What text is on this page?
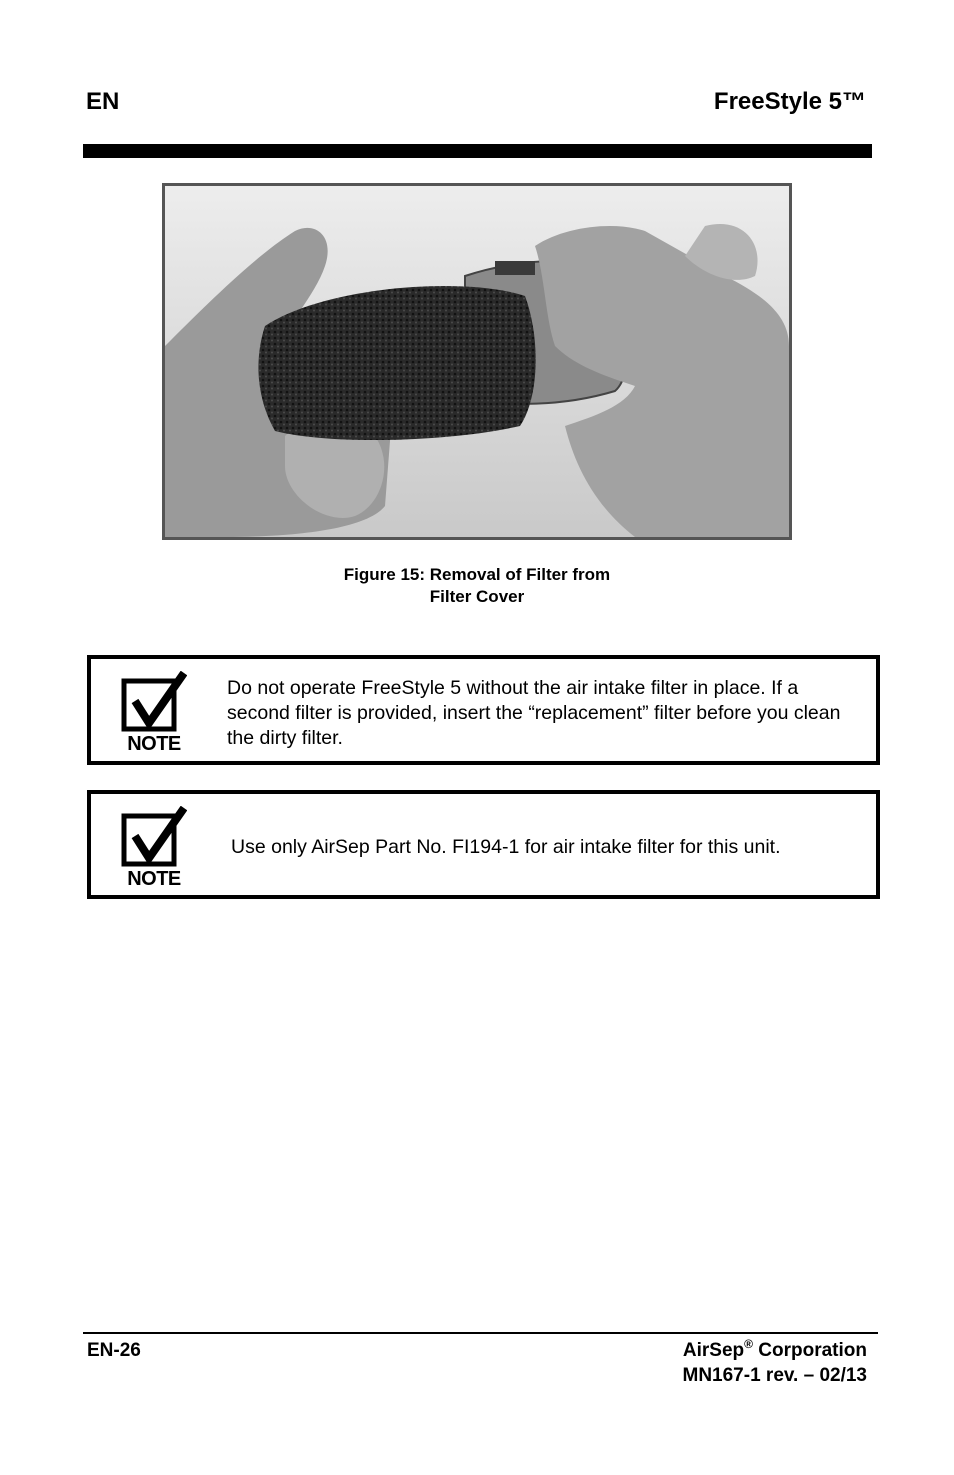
EN	FreeStyle 5™
Figure 15: Removal of Filter from
Filter Cover
NOTE
Do not operate FreeStyle 5 without the air intake filter in place. If a second filter is provided, insert the “replacement” filter before you clean the dirty filter.
NOTE
Use only AirSep Part No. FI194-1 for air intake filter for this unit.
EN-26	AirSep® Corporation
MN167-1 rev. – 02/13
